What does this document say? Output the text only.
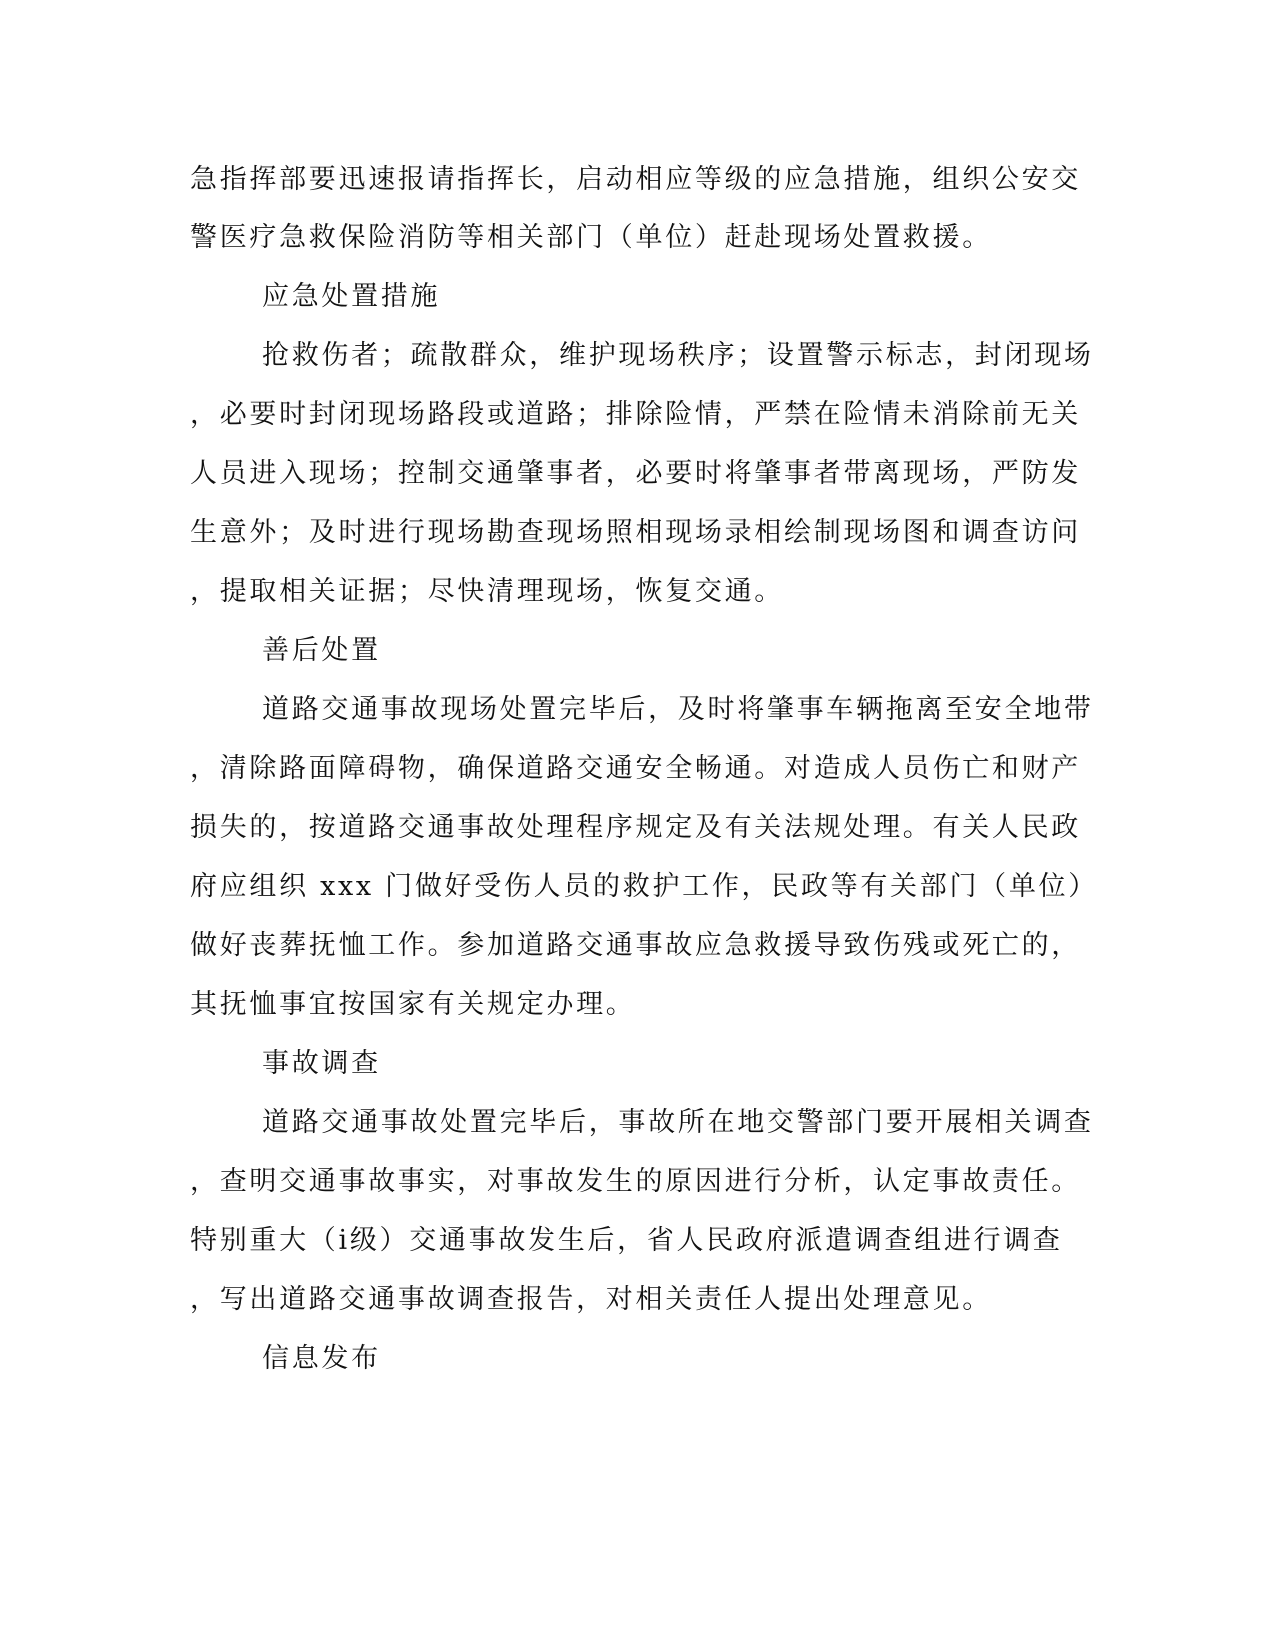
急指挥部要迅速报请指挥长，启动相应等级的应急措施，组织公安交
警医疗急救保险消防等相关部门（单位）赶赴现场处置救援。
应急处置措施
抢救伤者；疏散群众，维护现场秩序；设置警示标志，封闭现场
，必要时封闭现场路段或道路；排除险情，严禁在险情未消除前无关
人员进入现场；控制交通肇事者，必要时将肇事者带离现场，严防发
生意外；及时进行现场勘查现场照相现场录相绘制现场图和调查访问
，提取相关证据；尽快清理现场，恢复交通。
善后处置
道路交通事故现场处置完毕后，及时将肇事车辆拖离至安全地带
，清除路面障碍物，确保道路交通安全畅通。对造成人员伤亡和财产
损失的，按道路交通事故处理程序规定及有关法规处理。有关人民政
府应组织 xxx 门做好受伤人员的救护工作，民政等有关部门（单位）
做好丧葬抚恤工作。参加道路交通事故应急救援导致伤残或死亡的，
其抚恤事宜按国家有关规定办理。
事故调查
道路交通事故处置完毕后，事故所在地交警部门要开展相关调查
，查明交通事故事实，对事故发生的原因进行分析，认定事故责任。
特别重大（ⅰ级）交通事故发生后，省人民政府派遣调查组进行调查
，写出道路交通事故调查报告，对相关责任人提出处理意见。
信息发布
